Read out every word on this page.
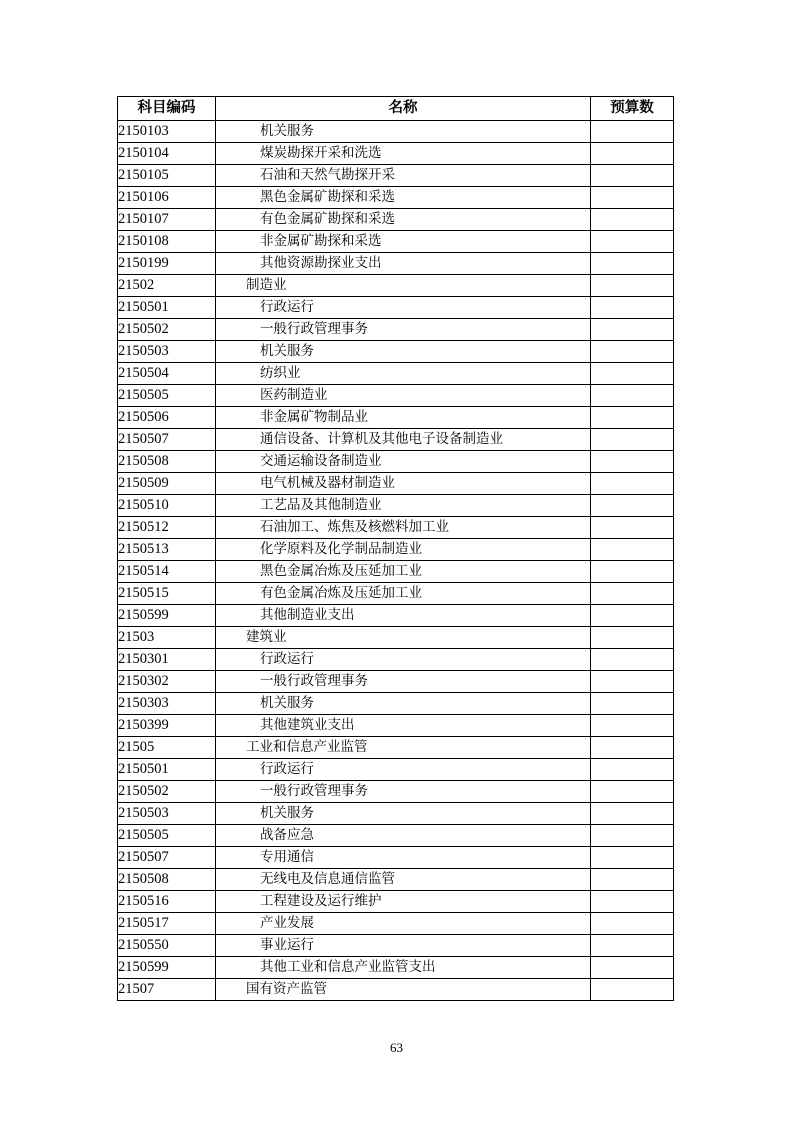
科目编码	名称	预算数
2150103	机关服务	
2150104	煤炭勘探开采和洗选	
2150105	石油和天然气勘探开采	
2150106	黑色金属矿勘探和采选	
2150107	有色金属矿勘探和采选	
2150108	非金属矿勘探和采选	
2150199	其他资源勘探业支出	
21502	制造业	
2150501	行政运行	
2150502	一般行政管理事务	
2150503	机关服务	
2150504	纺织业	
2150505	医药制造业	
2150506	非金属矿物制品业	
2150507	通信设备、计算机及其他电子设备制造业	
2150508	交通运输设备制造业	
2150509	电气机械及器材制造业	
2150510	工艺品及其他制造业	
2150512	石油加工、炼焦及核燃料加工业	
2150513	化学原料及化学制品制造业	
2150514	黑色金属冶炼及压延加工业	
2150515	有色金属冶炼及压延加工业	
2150599	其他制造业支出	
21503	建筑业	
2150301	行政运行	
2150302	一般行政管理事务	
2150303	机关服务	
2150399	其他建筑业支出	
21505	工业和信息产业监管	
2150501	行政运行	
2150502	一般行政管理事务	
2150503	机关服务	
2150505	战备应急	
2150507	专用通信	
2150508	无线电及信息通信监管	
2150516	工程建设及运行维护	
2150517	产业发展	
2150550	事业运行	
2150599	其他工业和信息产业监管支出	
21507	国有资产监管	
63
